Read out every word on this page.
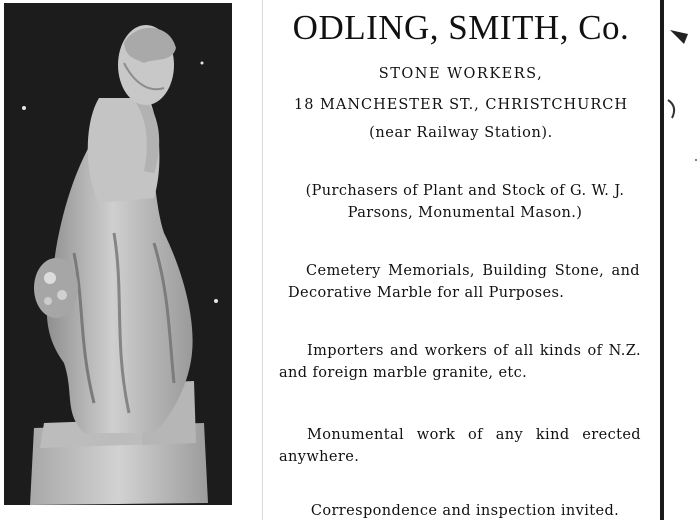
ODLING, SMITH, Co.
STONE WORKERS,
18 MANCHESTER ST., CHRISTCHURCH
(near Railway Station).
(Purchasers of Plant and Stock of G. W. J. Parsons, Monumental Mason.)
Cemetery Memorials, Building Stone, and Decorative Marble for all Purposes.
Importers and workers of all kinds of N.Z. and foreign marble granite, etc.
Monumental work of any kind erected anywhere.
Correspondence and inspection invited.
